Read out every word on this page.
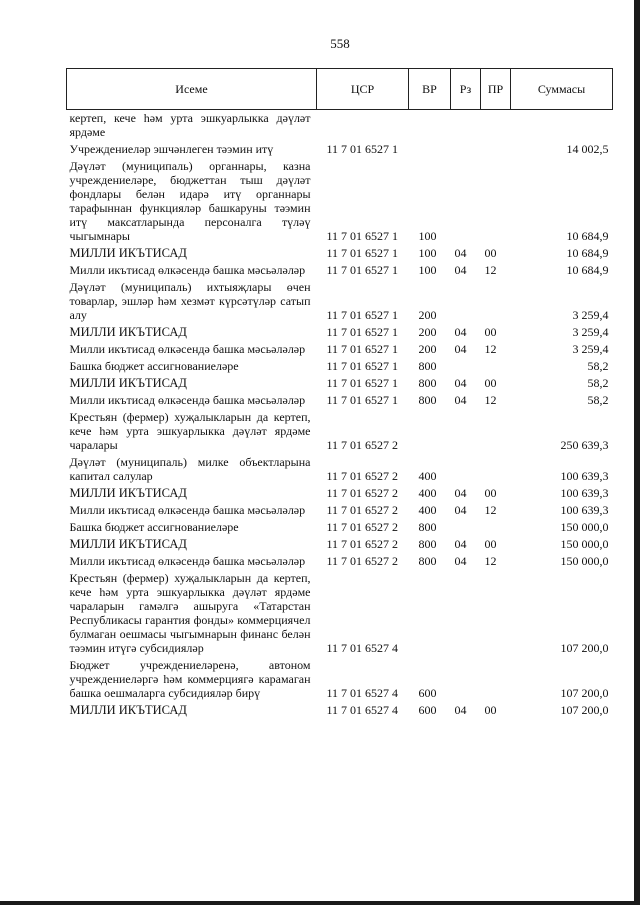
558
Исеме	ЦСР	ВР	Рз	ПР	Суммасы
кертеп, кече һәм урта эшкуарлыкка дәүләт ярдәме					
Учреждениеләр эшчәнлеген тәэмин итү	11 7 01 6527 1				14 002,5
Дәүләт (муниципаль) органнары, казна учреждениеләре, бюджеттан тыш дәүләт фондлары белән идарә итү органнары тарафыннан функцияләр башкаруны тәэмин итү максатларында персоналга түләү чыгымнары	11 7 01 6527 1	100			10 684,9
МИЛЛИ ИКЪТИСАД	11 7 01 6527 1	100	04	00	10 684,9
Милли икътисад өлкәсендә башка мәсьәләләр	11 7 01 6527 1	100	04	12	10 684,9
Дәүләт (муниципаль) ихтыяҗлары өчен товарлар, эшләр һәм хезмәт күрсәтүләр сатып алу	11 7 01 6527 1	200			3 259,4
МИЛЛИ ИКЪТИСАД	11 7 01 6527 1	200	04	00	3 259,4
Милли икътисад өлкәсендә башка мәсьәләләр	11 7 01 6527 1	200	04	12	3 259,4
Башка бюджет ассигнованиеләре	11 7 01 6527 1	800			58,2
МИЛЛИ ИКЪТИСАД	11 7 01 6527 1	800	04	00	58,2
Милли икътисад өлкәсендә башка мәсьәләләр	11 7 01 6527 1	800	04	12	58,2
Крестьян (фермер) хуҗалыкларын да кертеп, кече һәм урта эшкуарлыкка дәүләт ярдәме чаралары	11 7 01 6527 2				250 639,3
Дәүләт (муниципаль) милке объектларына капитал салулар	11 7 01 6527 2	400			100 639,3
МИЛЛИ ИКЪТИСАД	11 7 01 6527 2	400	04	00	100 639,3
Милли икътисад өлкәсендә башка мәсьәләләр	11 7 01 6527 2	400	04	12	100 639,3
Башка бюджет ассигнованиеләре	11 7 01 6527 2	800			150 000,0
МИЛЛИ ИКЪТИСАД	11 7 01 6527 2	800	04	00	150 000,0
Милли икътисад өлкәсендә башка мәсьәләләр	11 7 01 6527 2	800	04	12	150 000,0
Крестьян (фермер) хуҗалыкларын да кертеп, кече һәм урта эшкуарлыкка дәүләт ярдәме чараларын гамәлгә ашыруга «Татарстан Республикасы гарантия фонды» коммерциячел булмаган оешмасы чыгымнарын финанс белән тәэмин итүгә субсидияләр	11 7 01 6527 4				107 200,0
Бюджет учреждениеләренә, автоном учреждениеләргә һәм коммерциягә карамаган башка оешмаларга субсидияләр бирү	11 7 01 6527 4	600			107 200,0
МИЛЛИ ИКЪТИСАД	11 7 01 6527 4	600	04	00	107 200,0
